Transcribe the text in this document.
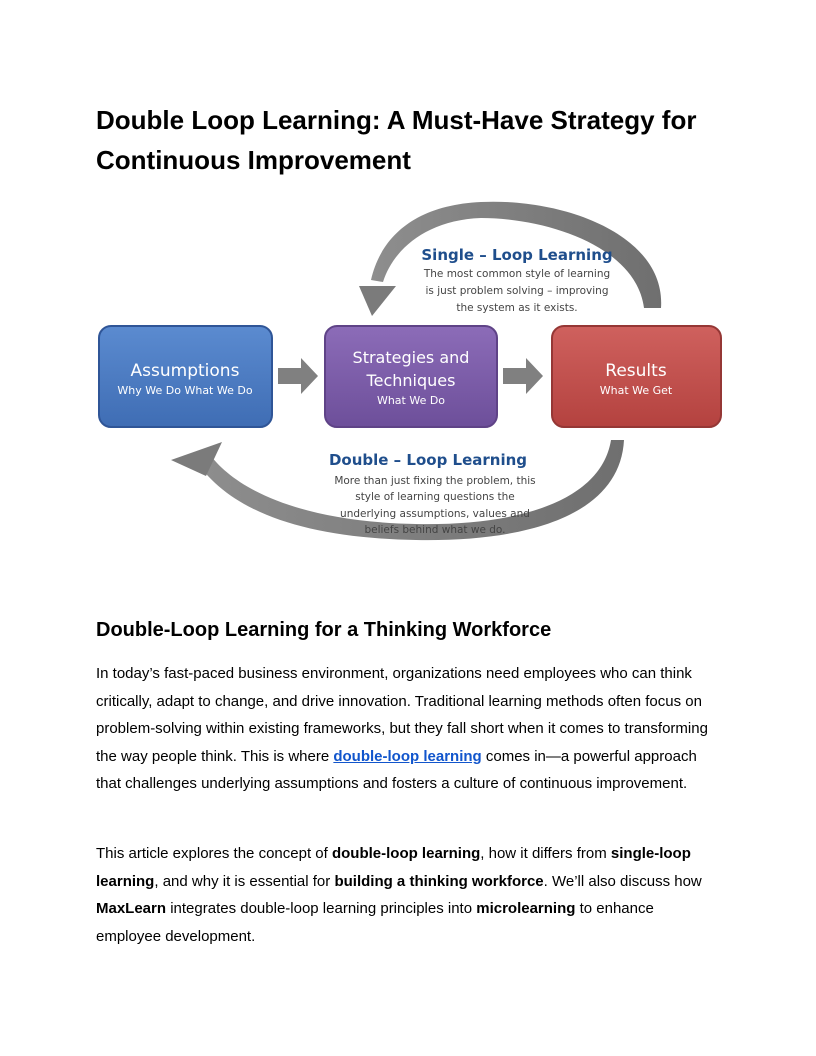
Double Loop Learning: A Must-Have Strategy for Continuous Improvement
Assumptions
Why We Do What We Do
Strategies and
Techniques
What We Do
Results
What We Get
Single – Loop Learning
The most common style of learning
is just problem solving – improving
the system as it exists.
Double – Loop Learning
More than just fixing the problem, this
style of learning questions the
underlying assumptions, values and
beliefs behind what we do.
Double-Loop Learning for a Thinking Workforce

In today’s fast-paced business environment, organizations need employees who can think critically, adapt to change, and drive innovation. Traditional learning methods often focus on problem-solving within existing frameworks, but they fall short when it comes to transforming the way people think. This is where double-loop learning comes in—a powerful approach that challenges underlying assumptions and fosters a culture of continuous improvement.

This article explores the concept of double-loop learning, how it differs from single-loop learning, and why it is essential for building a thinking workforce. We’ll also discuss how MaxLearn integrates double-loop learning principles into microlearning to enhance employee development.
